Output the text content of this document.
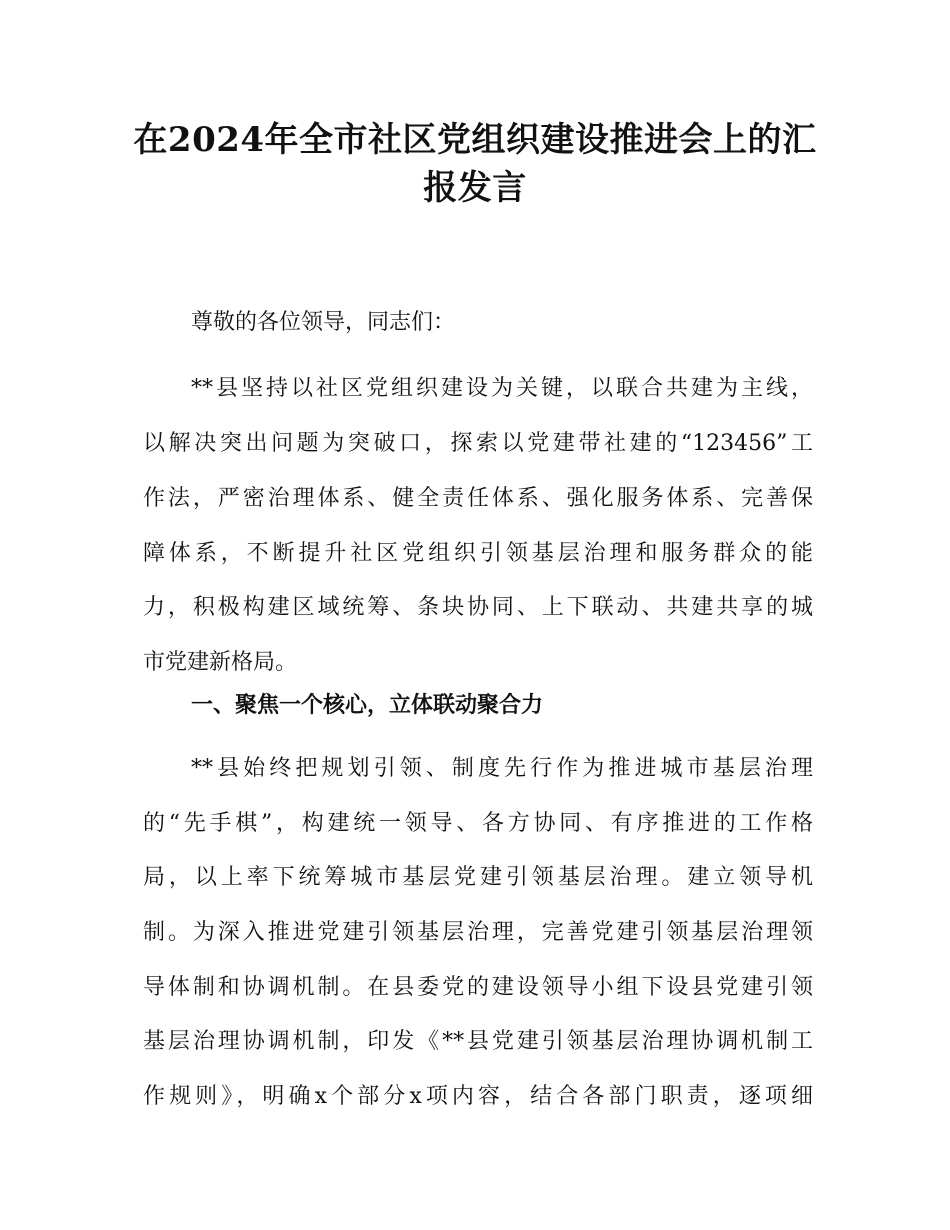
在2024年全市社区党组织建设推进会上的汇
报发言

尊敬的各位领导，同志们：

**县坚持以社区党组织建设为关键，以联合共建为主线，

以解决突出问题为突破口，探索以党建带社建的“123456”工

作法，严密治理体系、健全责任体系、强化服务体系、完善保

障体系，不断提升社区党组织引领基层治理和服务群众的能

力，积极构建区域统筹、条块协同、上下联动、共建共享的城

市党建新格局。

一、聚焦一个核心，立体联动聚合力

**县始终把规划引领、制度先行作为推进城市基层治理

的“先手棋”，构建统一领导、各方协同、有序推进的工作格

局，以上率下统筹城市基层党建引领基层治理。建立领导机

制。为深入推进党建引领基层治理，完善党建引领基层治理领

导体制和协调机制。在县委党的建设领导小组下设县党建引领

基层治理协调机制，印发《**县党建引领基层治理协调机制工

作规则》，明确x个部分x项内容，结合各部门职责，逐项细
